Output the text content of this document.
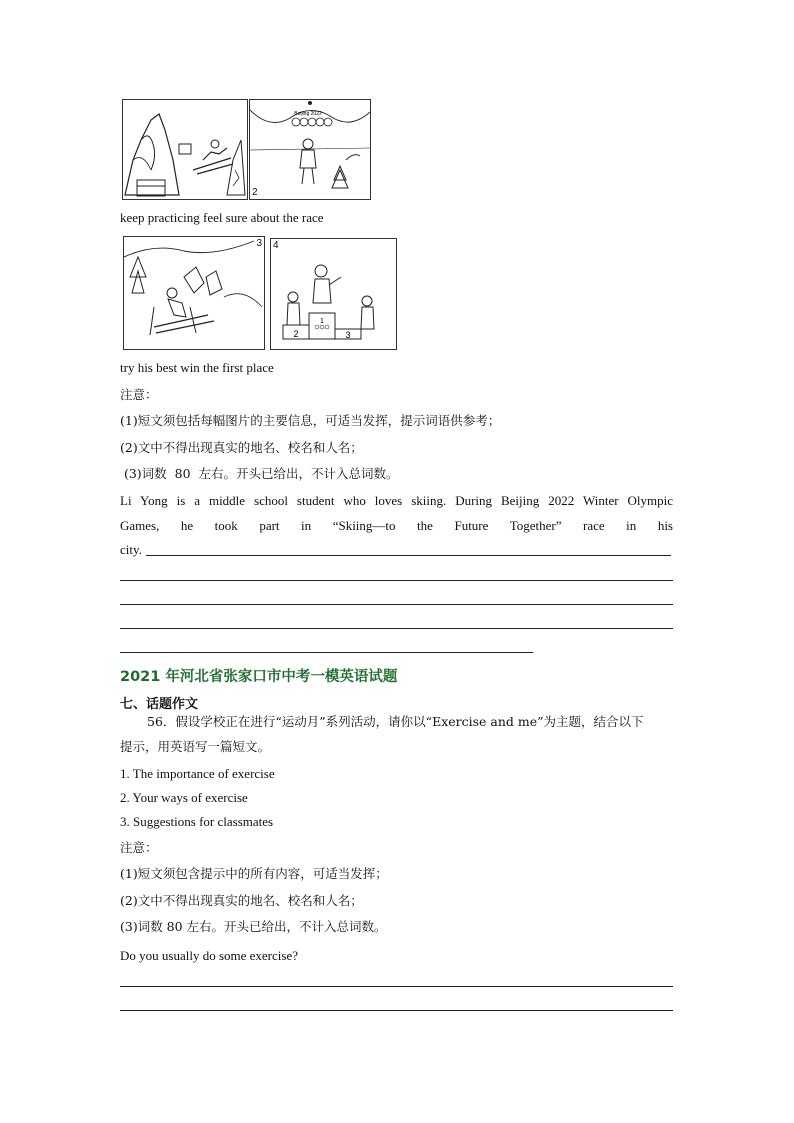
Beijing 2022
2
keep practicing feel sure about the race
3
1
2	3
4
try his best win the first place
注意：
(1)短文须包括每幅图片的主要信息，可适当发挥，提示词语供参考；
(2)文中不得出现真实的地名、校名和人名；
(3)词数  80  左右。开头已给出，不计入总词数。
Li Yong is a middle school student who loves skiing. During Beijing 2022 Winter Olympic
Games, he took part in “Skiing—to the Future Together” race in his
city.
2021 年河北省张家口市中考一模英语试题
七、话题作文
56．假设学校正在进行“运动月”系列活动，请你以“Exercise and me”为主题，结合以下
提示，用英语写一篇短文。
1. The importance of exercise
2. Your ways of exercise
3. Suggestions for classmates
注意：
(1)短文须包含提示中的所有内容，可适当发挥；
(2)文中不得出现真实的地名、校名和人名；
(3)词数 80 左右。开头已给出，不计入总词数。
Do you usually do some exercise?
